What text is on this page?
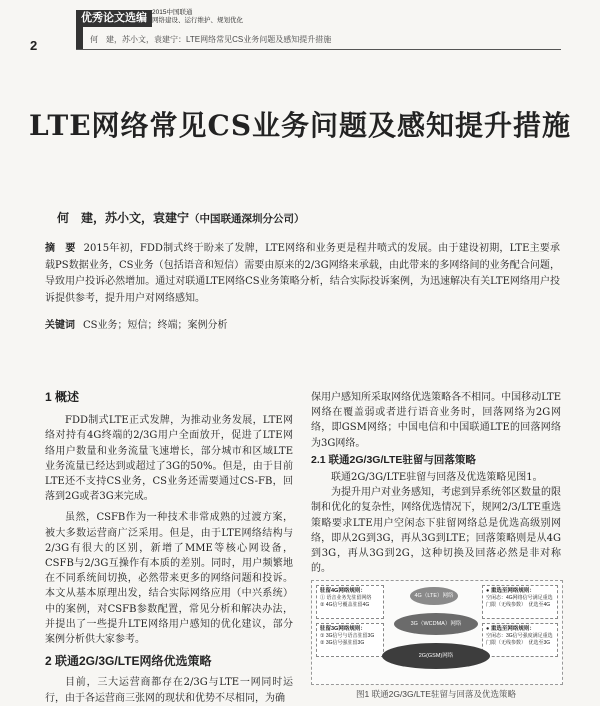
2
优秀论文选编 2015中国联通
网络建设、运行维护、规划优化
何　建，苏小文，袁建宁：LTE网络常见CS业务问题及感知提升措施
LTE网络常见CS业务问题及感知提升措施
何　建，苏小文，袁建宁（中国联通深圳分公司）
摘　要 2015年初，FDD制式终于盼来了发牌，LTE网络和业务更是程井喷式的发展。由于建设初期，LTE主要承载PS数据业务，CS业务（包括语音和短信）需要由原来的2/3G网络来承载，由此带来的多网络间的业务配合问题，导致用户投诉必然增加。通过对联通LTE网络CS业务策略分析，结合实际投诉案例，为迅速解决有关LTE网络用户投诉提供参考，提升用户对网络感知。
关键词 CS业务；短信；终端；案例分析
1 概述

FDD制式LTE正式发牌，为推动业务发展，LTE网络对持有4G终端的2/3G用户全面放开，促进了LTE网络用户数量和业务流量飞速增长，部分城市和区域LTE业务流量已经达到或超过了3G的50%。但是，由于目前LTE还不支持CS业务，CS业务还需要通过CS-FB，回落到2G或者3G来完成。

虽然，CSFB作为一种技术非常成熟的过渡方案，被大多数运营商广泛采用。但是，由于LTE网络结构与2/3G有很大的区别，新增了MME等核心网设备，CSFB与2/3G互操作有本质的差别。同时，用户频繁地在不同系统间切换，必然带来更多的网络问题和投诉。本文从基本原理出发，结合实际网络应用（中兴系统）中的案例，对CSFB参数配置，常见分析和解决办法，并提出了一些提升LTE网络用户感知的优化建议，部分案例分析供大家参考。

2 联通2G/3G/LTE网络优选策略

目前，三大运营商都存在2/3G与LTE一网同时运行，由于各运营商三张网的现状和优势不尽相同，为确

保用户感知所采取网络优选策略各不相同。中国移动LTE网络在覆盖弱或者进行语音业务时，回落网络为2G网络，即GSM网络；中国电信和中国联通LTE的回落网络为3G网络。

2.1 联通2G/3G/LTE驻留与回落策略

联通2G/3G/LTE驻留与回落及优选策略见图1。

为提升用户对业务感知，考虑到异系统邻区数量的限制和优化的复杂性，网络优选情况下，规网2/3/LTE重选策略要求LTE用户空闲态下驻留网络总是优选高级别网络，即从2G到3G，再从3G到LTE；回落策略则是从4G到3G，再从3G到2G，这种切换及回落必然是非对称的。

驻留4G网络规则：
① 语音业务先驻留网络
② 4G信号覆盖驻留4G
驻留3G网络规则：
① 3G信号与语音驻留3G
② 3G信号强驻留3G
● 重选至网络规则：
空闲态：4G网络信号满足重选
门限（无线参数）　优选至4G
● 重选至网络规则：
空闲态：3G信号强度满足重选
门限（无线参数）　优选至3G
4G（LTE）网络
3G（WCDMA）网络
2G(GSM)网络
图1 联通2G/3G/LTE驻留与回落及优选策略
